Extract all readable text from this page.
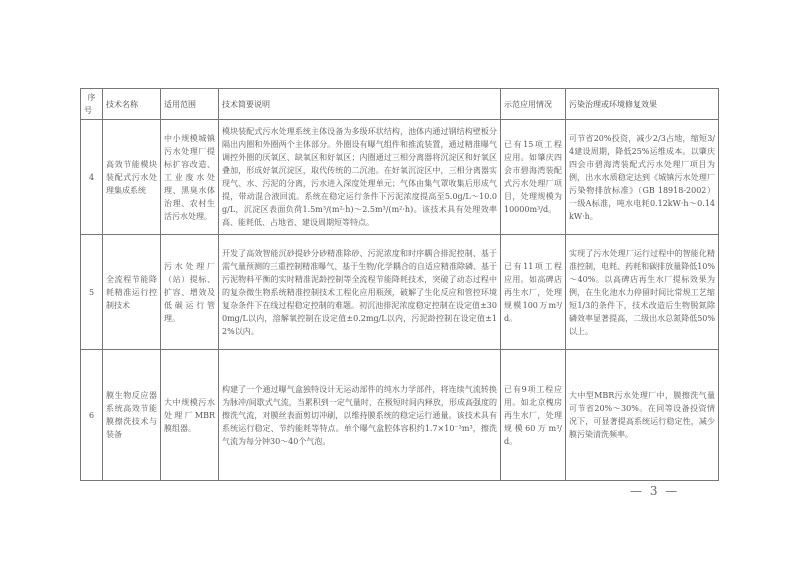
序号	技术名称	适用范围	技术简要说明	示范应用情况	污染治理或环境修复效果
4	高效节能模块装配式污水处理集成系统	中小规模城镇污水处理厂提标扩容改造、工业废水处理、黑臭水体治理、农村生活污水处理。	模块装配式污水处理系统主体设备为多级环状结构，池体内通过钢结构壁板分隔出内圈和外圈两个主体部分。外圈设有曝气组件和推流装置，通过精准曝气调控外圈的厌氧区、缺氧区和好氧区；内圈通过三相分离器将沉淀区和好氧区叠加，形成好氧沉淀区，取代传统的二沉池。在好氧沉淀区中，三相分离器实现气、水、污泥的分离，污水进入深度处理单元；气体由集气罩收集后形成气提，带动混合液回流。系统在稳定运行条件下污泥浓度提高至5.0g/L～10.0g/L，沉淀区表面负荷1.5m³/(m²·h)～2.5m³/(m²·h)。该技术具有处理效率高、能耗低、占地省、建设周期短等特点。	已有15项工程应用。如肇庆四会市碧海湾装配式污水处理厂项目，处理规模为10000m³/d。	可节省20%投资，减少2/3占地，缩短3/4建设周期，降低25%运维成本。以肇庆四会市碧海湾装配式污水处理厂项目为例，出水水质稳定达到《城镇污水处理厂污染物排放标准》（GB 18918-2002）一级A标准，吨水电耗0.12kW·h～0.14kW·h。
5	全流程节能降耗精准运行控制技术	污水处理厂（站）提标、扩容、增效及低碳运行管理。	开发了高效智能沉砂提砂分砂精准除砂、污泥浓度和时序耦合排泥控制、基于需气量预测的三重控制精准曝气、基于生物/化学耦合的自适应精准除磷、基于污泥物料平衡的实时精准泥龄控制等全流程节能降耗技术，突破了动态过程中的复杂微生物系统精准控制技术工程化应用瓶颈，破解了生化反应和管控环境复杂条件下在线过程稳定控制的难题。初沉池排泥浓度稳定控制在设定值±300mg/L以内，溶解氧控制在设定值±0.2mg/L以内，污泥龄控制在设定值±12%以内。	已有11项工程应用。如高碑店再生水厂，处理规模100万m³/d。	实现了污水处理厂运行过程中的智能化精准控制，电耗、药耗和碳排放量降低10%～40%。以高碑店再生水厂提标效果为例，在生化池水力停留时间比常规工艺缩短1/3的条件下，技术改造后生物脱氮除磷效率显著提高，二级出水总氮降低50%以上。
6	膜生物反应器系统高效节能膜擦洗技术与装备	大中规模污水处理厂MBR膜组器。	构建了一个通过曝气盒独特设计无运动部件的纯水力学部件，将连续气流转换为脉冲/间歇式气流，当累积到一定气量时，在极短时间内释放，形成高强度的擦洗气流，对膜丝表面剪切冲刷，以维持膜系统的稳定运行通量。该技术具有系统运行稳定、节约能耗等特点。单个曝气盒腔体容积约1.7×10⁻³m³，擦洗气流为每分钟30～40个气泡。	已有9项工程应用。如北京槐房再生水厂，处理规模60万m³/d。	大中型MBR污水处理厂中，膜擦洗气量可节省20%～30%。在同等设备投资情况下，可显著提高系统运行稳定性，减少膜污染清洗频率。
— 3 —
